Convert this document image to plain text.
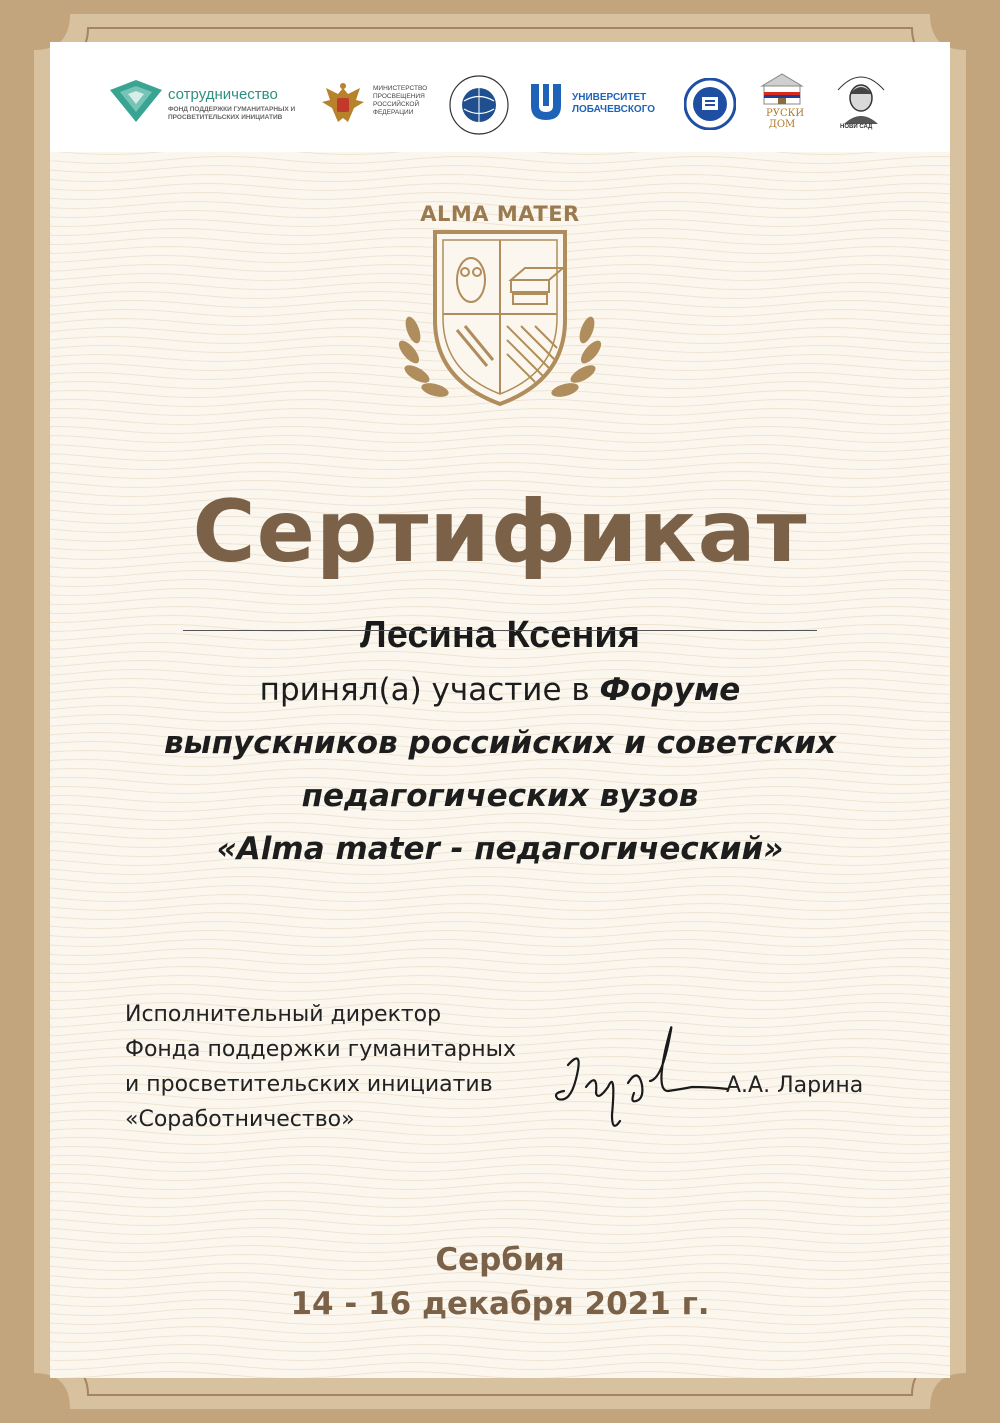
сотрудничество
ФОНД ПОДДЕРЖКИ ГУМАНИТАРНЫХ И
ПРОСВЕТИТЕЛЬСКИХ ИНИЦИАТИВ
МИНИСТЕРСТВО
ПРОСВЕЩЕНИЯ
РОССИЙСКОЙ
ФЕДЕРАЦИИ
УНИВЕРСИТЕТ
ЛОБАЧЕВСКОГО	РУСКИ
ДОМ	НОВИ САД
ALMA MATER
Сертификат
Лесина Ксения
принял(а) участие в Форуме
выпускников российских и советских
педагогических вузов
«Alma mater - педагогический»
Исполнительный директор
Фонда поддержки гуманитарных
и просветительских инициатив
«Соработничество»
А.А. Ларина
Сербия
14 - 16 декабря 2021 г.
